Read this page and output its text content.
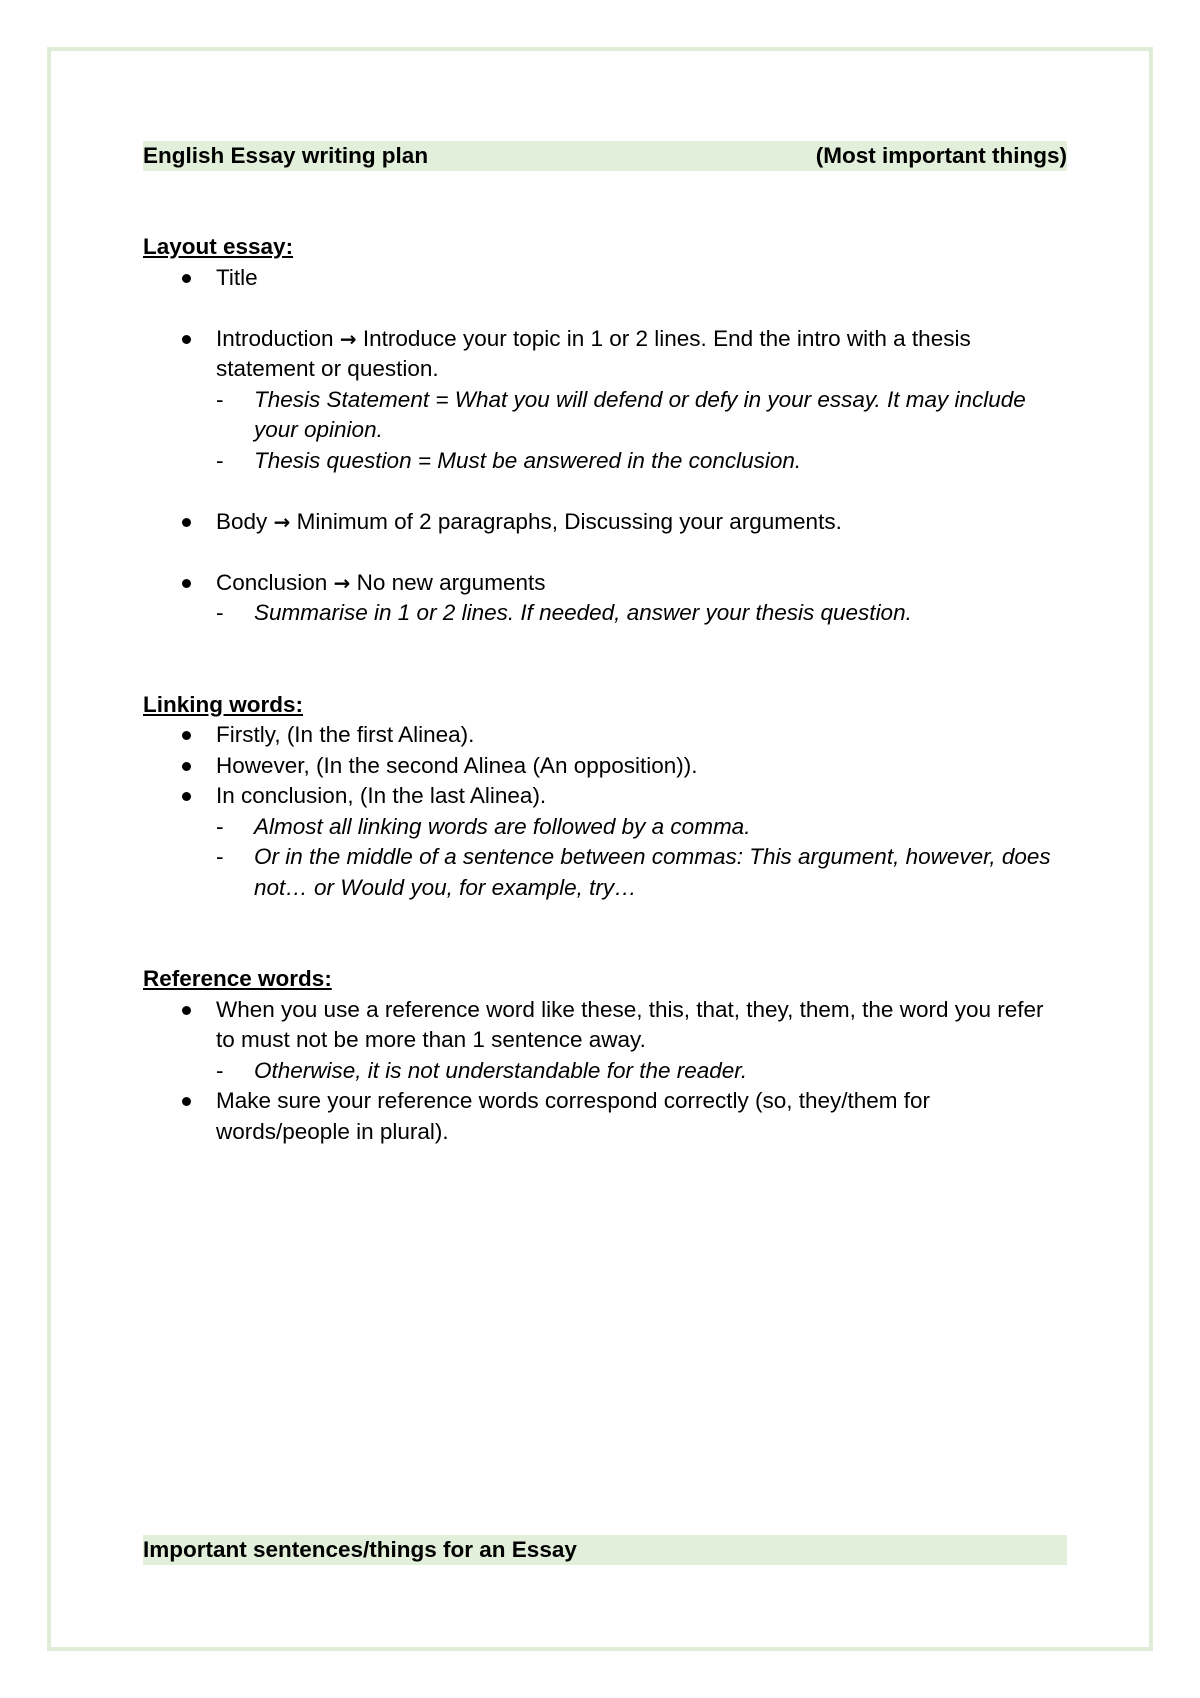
English Essay writing plan	(Most important things)

Layout essay:

Title
Introduction → Introduce your topic in 1 or 2 lines. End the intro with a thesis statement or question.
- Thesis Statement = What you will defend or defy in your essay. It may include your opinion.
- Thesis question = Must be answered in the conclusion.
Body → Minimum of 2 paragraphs, Discussing your arguments.
Conclusion → No new arguments
- Summarise in 1 or 2 lines. If needed, answer your thesis question.

Linking words:

Firstly, (In the first Alinea).
However, (In the second Alinea (An opposition)).
In conclusion, (In the last Alinea).
- Almost all linking words are followed by a comma.
- Or in the middle of a sentence between commas: This argument, however, does not… or Would you, for example, try…

Reference words:

When you use a reference word like these, this, that, they, them, the word you refer to must not be more than 1 sentence away.
- Otherwise, it is not understandable for the reader.
Make sure your reference words correspond correctly (so, they/them for words/people in plural).
Important sentences/things for an Essay
